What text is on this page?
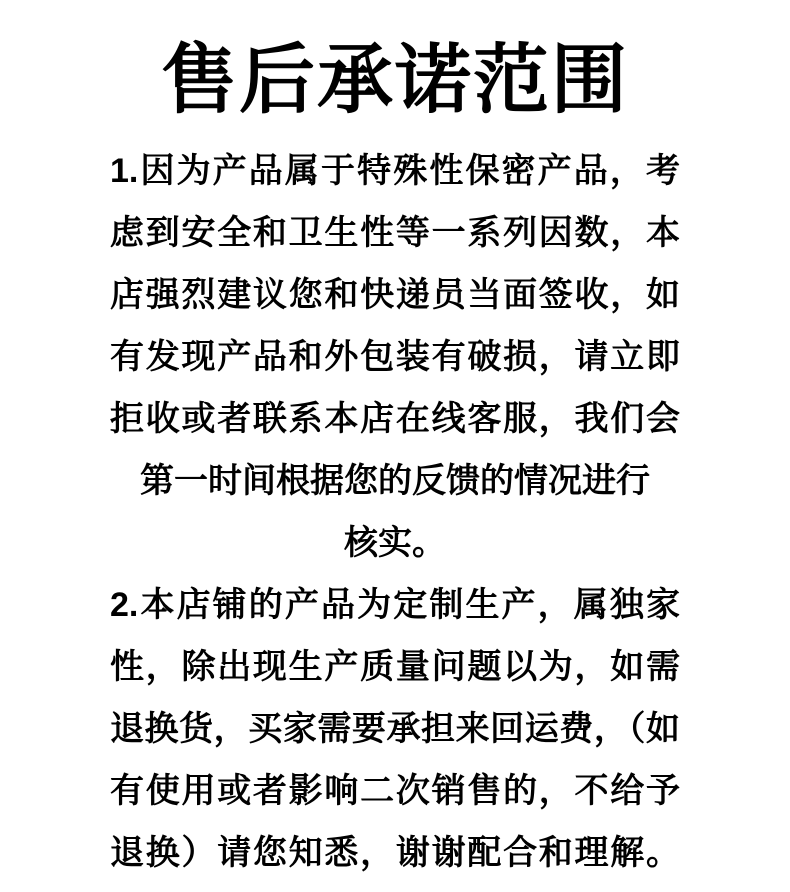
售后承诺范围
1.因为产品属于特殊性保密产品，考
虑到安全和卫生性等一系列因数，本
店强烈建议您和快递员当面签收，如
有发现产品和外包装有破损，请立即
拒收或者联系本店在线客服，我们会
第一时间根据您的反馈的情况进行
核实。
2.本店铺的产品为定制生产，属独家
性，除出现生产质量问题以为，如需
退换货，买家需要承担来回运费，（如
有使用或者影响二次销售的，不给予
退换）请您知悉，谢谢配合和理解。
